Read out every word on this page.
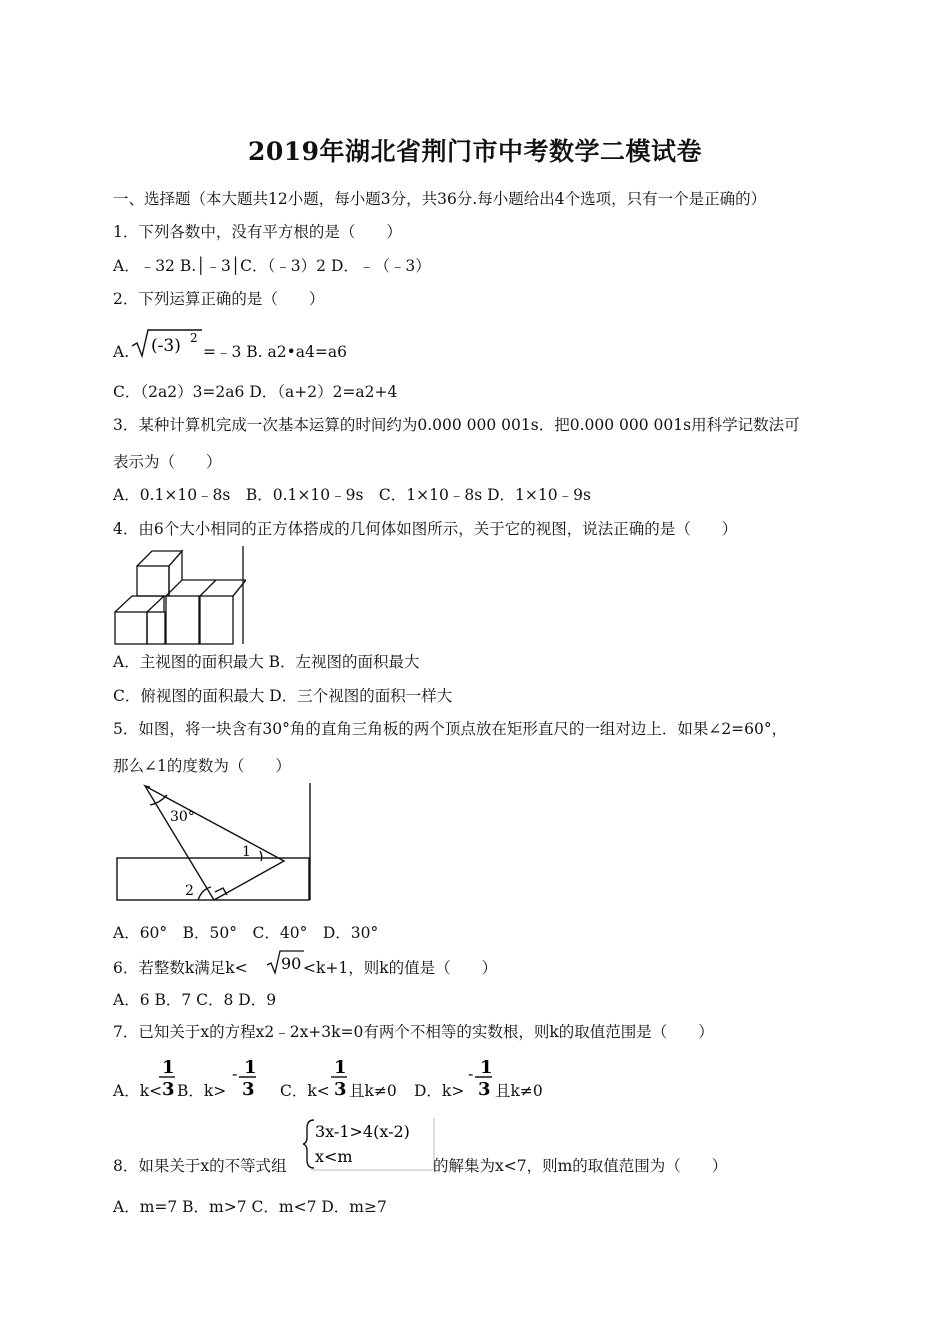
2019年湖北省荆门市中考数学二模试卷
一、选择题（本大题共12小题，每小题3分，共36分.每小题给出4个选项，只有一个是正确的）
1．下列各数中，没有平方根的是（　　）
A．﹣32 B.│﹣3│C．（﹣3）2 D．﹣（﹣3）
2．下列运算正确的是（　　）
A. (-3) 2
=﹣3 B. a2•a4=a6
C．（2a2）3=2a6 D．（a+2）2=a2+4
3．某种计算机完成一次基本运算的时间约为0.000 000 001s．把0.000 000 001s用科学记数法可
表示为（　　）
A．0.1×10﹣8s　B．0.1×10﹣9s　C．1×10﹣8s D．1×10﹣9s
4．由6个大小相同的正方体搭成的几何体如图所示，关于它的视图，说法正确的是（　　）
A．主视图的面积最大 B．左视图的面积最大
C．俯视图的面积最大 D．三个视图的面积一样大
5．如图，将一块含有30°角的直角三角板的两个顶点放在矩形直尺的一组对边上．如果∠2=60°，
那么∠1的度数为（　　）
30°
1
2
A．60°　B．50°　C．40°　D．30°
6．若整数k满足k< 90 <k+1，则k的值是（　　）
A．6 B．7 C．8 D．9
7．已知关于x的方程x2﹣2x+3k=0有两个不相等的实数根，则k的取值范围是（　　）
A．k<
1
3 B．k>
- 1
3 C．k<
1
3 且k≠0 D．k>
- 1
3 且k≠0
8．如果关于x的不等式组
3x-1>4(x-2)
x<m	的解集为x<7，则m的取值范围为（　　）
A．m=7 B．m>7 C．m<7 D．m≥7
